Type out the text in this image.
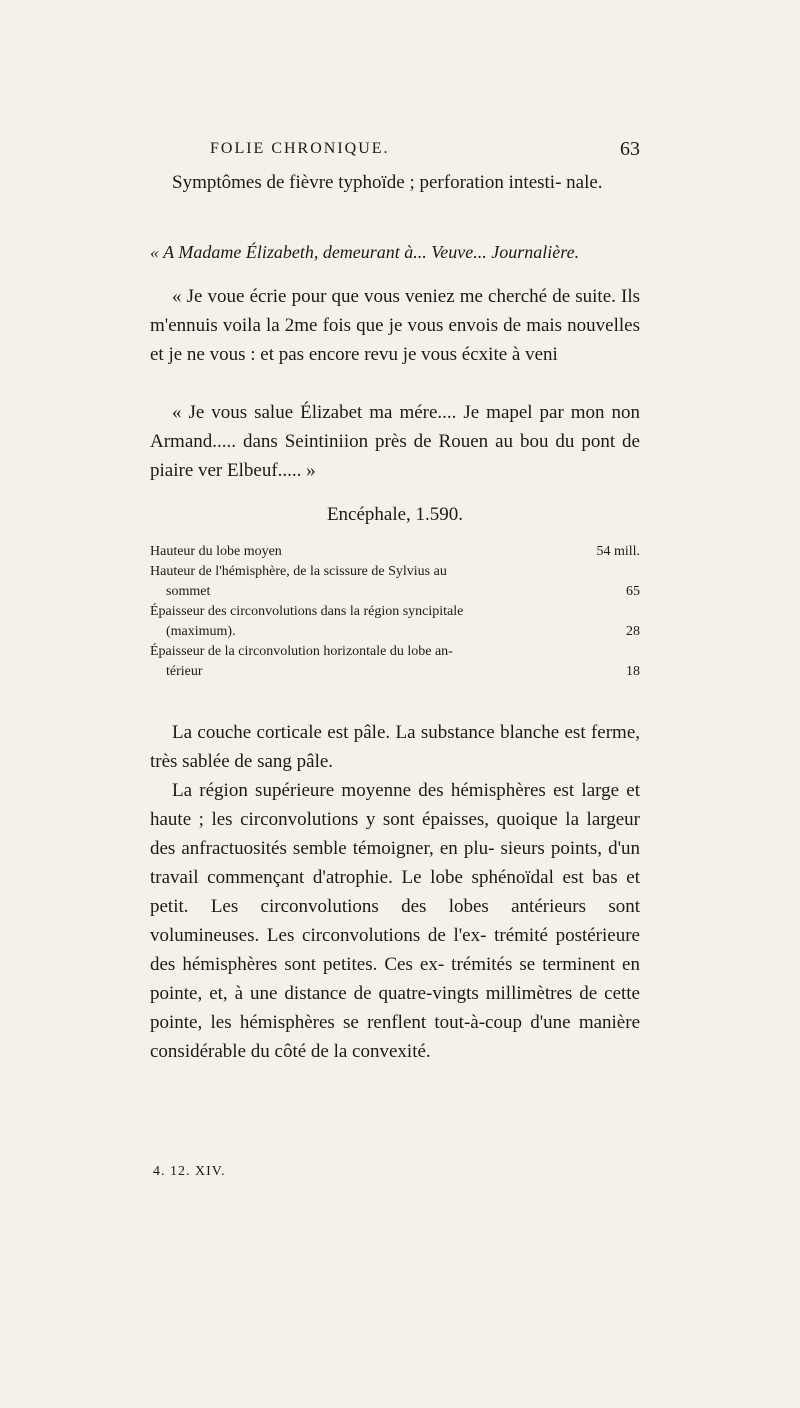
FOLIE CHRONIQUE.	63

Symptômes de fièvre typhoïde ; perforation intesti- nale.

« A Madame Élizabeth, demeurant à... Veuve... Journalière.

« Je voue écrie pour que vous veniez me cherché de suite. Ils m'ennuis voila la 2me fois que je vous envois de mais nouvelles et je ne vous : et pas encore revu je vous écxite à veni

« Je vous salue Élizabet ma mére.... Je mapel par mon non Armand..... dans Seintiniion près de Rouen au bou du pont de piaire ver Elbeuf..... »

Encéphale, 1.590.

Hauteur du lobe moyen	54 mill.
Hauteur de l'hémisphère, de la scissure de Sylvius au	
sommet	65
Épaisseur des circonvolutions dans la région syncipitale	
(maximum).	28
Épaisseur de la circonvolution horizontale du lobe an-	
térieur	18

La couche corticale est pâle. La substance blanche est ferme, très sablée de sang pâle.

La région supérieure moyenne des hémisphères est large et haute ; les circonvolutions y sont épaisses, quoique la largeur des anfractuosités semble témoigner, en plu- sieurs points, d'un travail commençant d'atrophie. Le lobe sphénoïdal est bas et petit. Les circonvolutions des lobes antérieurs sont volumineuses. Les circonvolutions de l'ex- trémité postérieure des hémisphères sont petites. Ces ex- trémités se terminent en pointe, et, à une distance de quatre-vingts millimètres de cette pointe, les hémisphères se renflent tout-à-coup d'une manière considérable du côté de la convexité.

4. 12. XIV.
